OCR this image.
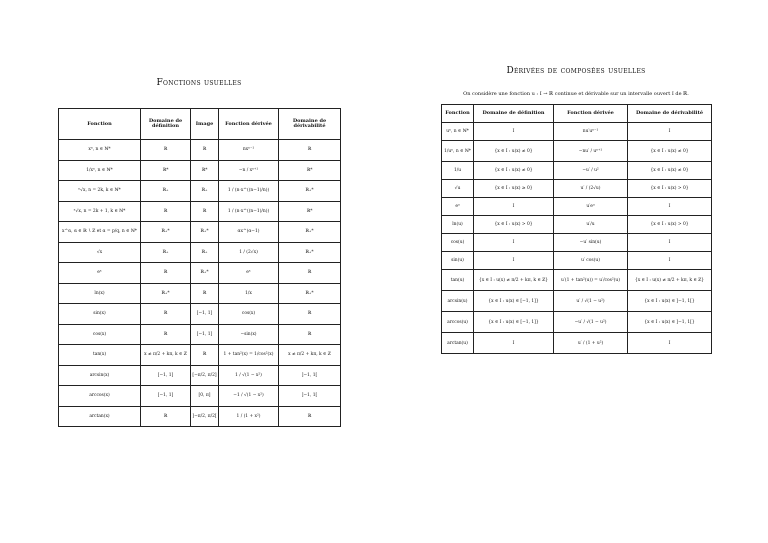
Fonctions usuelles
Fonction	Domaine de définition	Image	Fonction dérivée	Domaine de dérivabilité
xⁿ, n ∈ ℕ*	ℝ	ℝ	nxⁿ⁻¹	ℝ
1/xⁿ, n ∈ ℕ*	ℝ*	ℝ*	−n / xⁿ⁺¹	ℝ*
ⁿ√x, n = 2k, k ∈ ℕ*	ℝ₊	ℝ₊	1 / (n·x^((n−1)/n))	ℝ₊*
ⁿ√x, n = 2k + 1, k ∈ ℕ*	ℝ	ℝ	1 / (n·x^((n−1)/n))	ℝ*
x^α, α ∈ ℝ ∖ ℤ et α = p/q, n ∈ ℕ*	ℝ₊*	ℝ₊*	αx^(α−1)	ℝ₊*
√x	ℝ₊	ℝ₊	1 / (2√x)	ℝ₊*
eˣ	ℝ	ℝ₊*	eˣ	ℝ
ln(x)	ℝ₊*	ℝ	1/x	ℝ₊*
sin(x)	ℝ	[−1, 1]	cos(x)	ℝ
cos(x)	ℝ	[−1, 1]	−sin(x)	ℝ
tan(x)	x ≠ π/2 + kπ, k ∈ ℤ	ℝ	1 + tan²(x) = 1/cos²(x)	x ≠ π/2 + kπ, k ∈ ℤ
arcsin(x)	[−1, 1]	[−π/2, π/2]	1 / √(1 − x²)	]−1, 1[
arccos(x)	[−1, 1]	[0, π]	−1 / √(1 − x²)	]−1, 1[
arctan(x)	ℝ	]−π/2, π/2[	1 / (1 + x²)	ℝ
Dérivées de composées usuelles
On considère une fonction u : I → ℝ continue et dérivable sur un intervalle ouvert I de ℝ.
Fonction	Domaine de définition	Fonction dérivée	Domaine de dérivabilité
uⁿ, n ∈ ℕ*	I	nu′uⁿ⁻¹	I
1/uⁿ, n ∈ ℕ*	{x ∈ I : u(x) ≠ 0}	−nu′ / uⁿ⁺¹	{x ∈ I : u(x) ≠ 0}
1/u	{x ∈ I : u(x) ≠ 0}	−u′ / u²	{x ∈ I : u(x) ≠ 0}
√u	{x ∈ I : u(x) ≥ 0}	u′ / (2√u)	{x ∈ I : u(x) > 0}
eᵘ	I	u′eᵘ	I
ln(u)	{x ∈ I : u(x) > 0}	u′/u	{x ∈ I : u(x) > 0}
cos(u)	I	−u′ sin(u)	I
sin(u)	I	u′ cos(u)	I
tan(u)	{x ∈ I : u(x) ≠ π/2 + kπ, k ∈ ℤ}	u′(1 + tan²(u)) = u′/cos²(u)	{x ∈ I : u(x) ≠ π/2 + kπ, k ∈ ℤ}
arcsin(u)	{x ∈ I : u(x) ∈ [−1, 1]}	u′ / √(1 − u²)	{x ∈ I : u(x) ∈ ]−1, 1[}
arccos(u)	{x ∈ I : u(x) ∈ [−1, 1]}	−u′ / √(1 − u²)	{x ∈ I : u(x) ∈ ]−1, 1[}
arctan(u)	I	u′ / (1 + u²)	I
